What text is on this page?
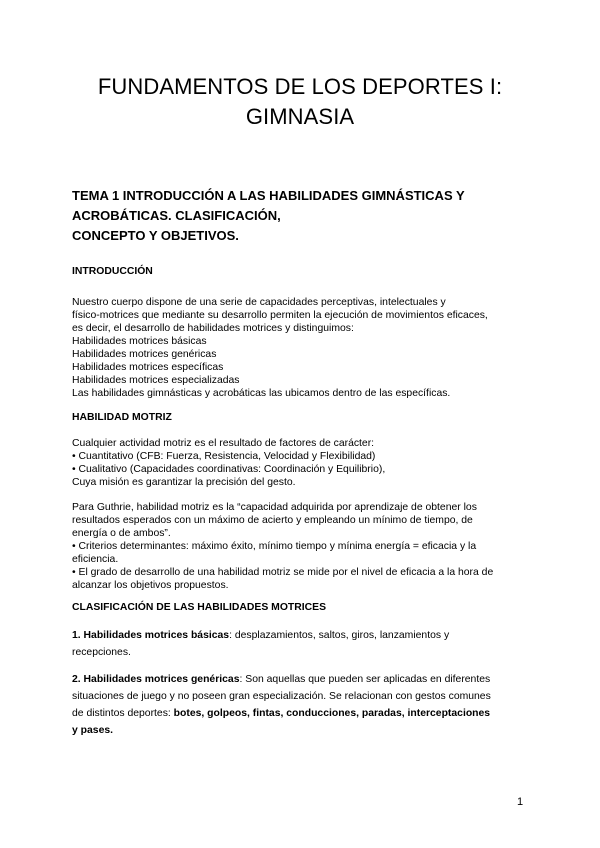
FUNDAMENTOS DE LOS DEPORTES I:
GIMNASIA
TEMA 1 INTRODUCCIÓN A LAS HABILIDADES GIMNÁSTICAS Y
ACROBÁTICAS. CLASIFICACIÓN,
CONCEPTO Y OBJETIVOS.
INTRODUCCIÓN
Nuestro cuerpo dispone de una serie de capacidades perceptivas, intelectuales y
físico-motrices que mediante su desarrollo permiten la ejecución de movimientos eficaces,
es decir, el desarrollo de habilidades motrices y distinguimos:
Habilidades motrices básicas
Habilidades motrices genéricas
Habilidades motrices específicas
Habilidades motrices especializadas
Las habilidades gimnásticas y acrobáticas las ubicamos dentro de las específicas.
HABILIDAD MOTRIZ
Cualquier actividad motriz es el resultado de factores de carácter:
• Cuantitativo (CFB: Fuerza, Resistencia, Velocidad y Flexibilidad)
• Cualitativo (Capacidades coordinativas: Coordinación y Equilibrio),
Cuya misión es garantizar la precisión del gesto.
Para Guthrie, habilidad motriz es la “capacidad adquirida por aprendizaje de obtener los
resultados esperados con un máximo de acierto y empleando un mínimo de tiempo, de
energía o de ambos”.
• Criterios determinantes: máximo éxito, mínimo tiempo y mínima energía = eficacia y la
eficiencia.
• El grado de desarrollo de una habilidad motriz se mide por el nivel de eficacia a la hora de
alcanzar los objetivos propuestos.
CLASIFICACIÓN DE LAS HABILIDADES MOTRICES
1. Habilidades motrices básicas: desplazamientos, saltos, giros, lanzamientos y
recepciones.
2. Habilidades motrices genéricas: Son aquellas que pueden ser aplicadas en diferentes
situaciones de juego y no poseen gran especialización. Se relacionan con gestos comunes
de distintos deportes: botes, golpeos, fintas, conducciones, paradas, interceptaciones
y pases.
1
